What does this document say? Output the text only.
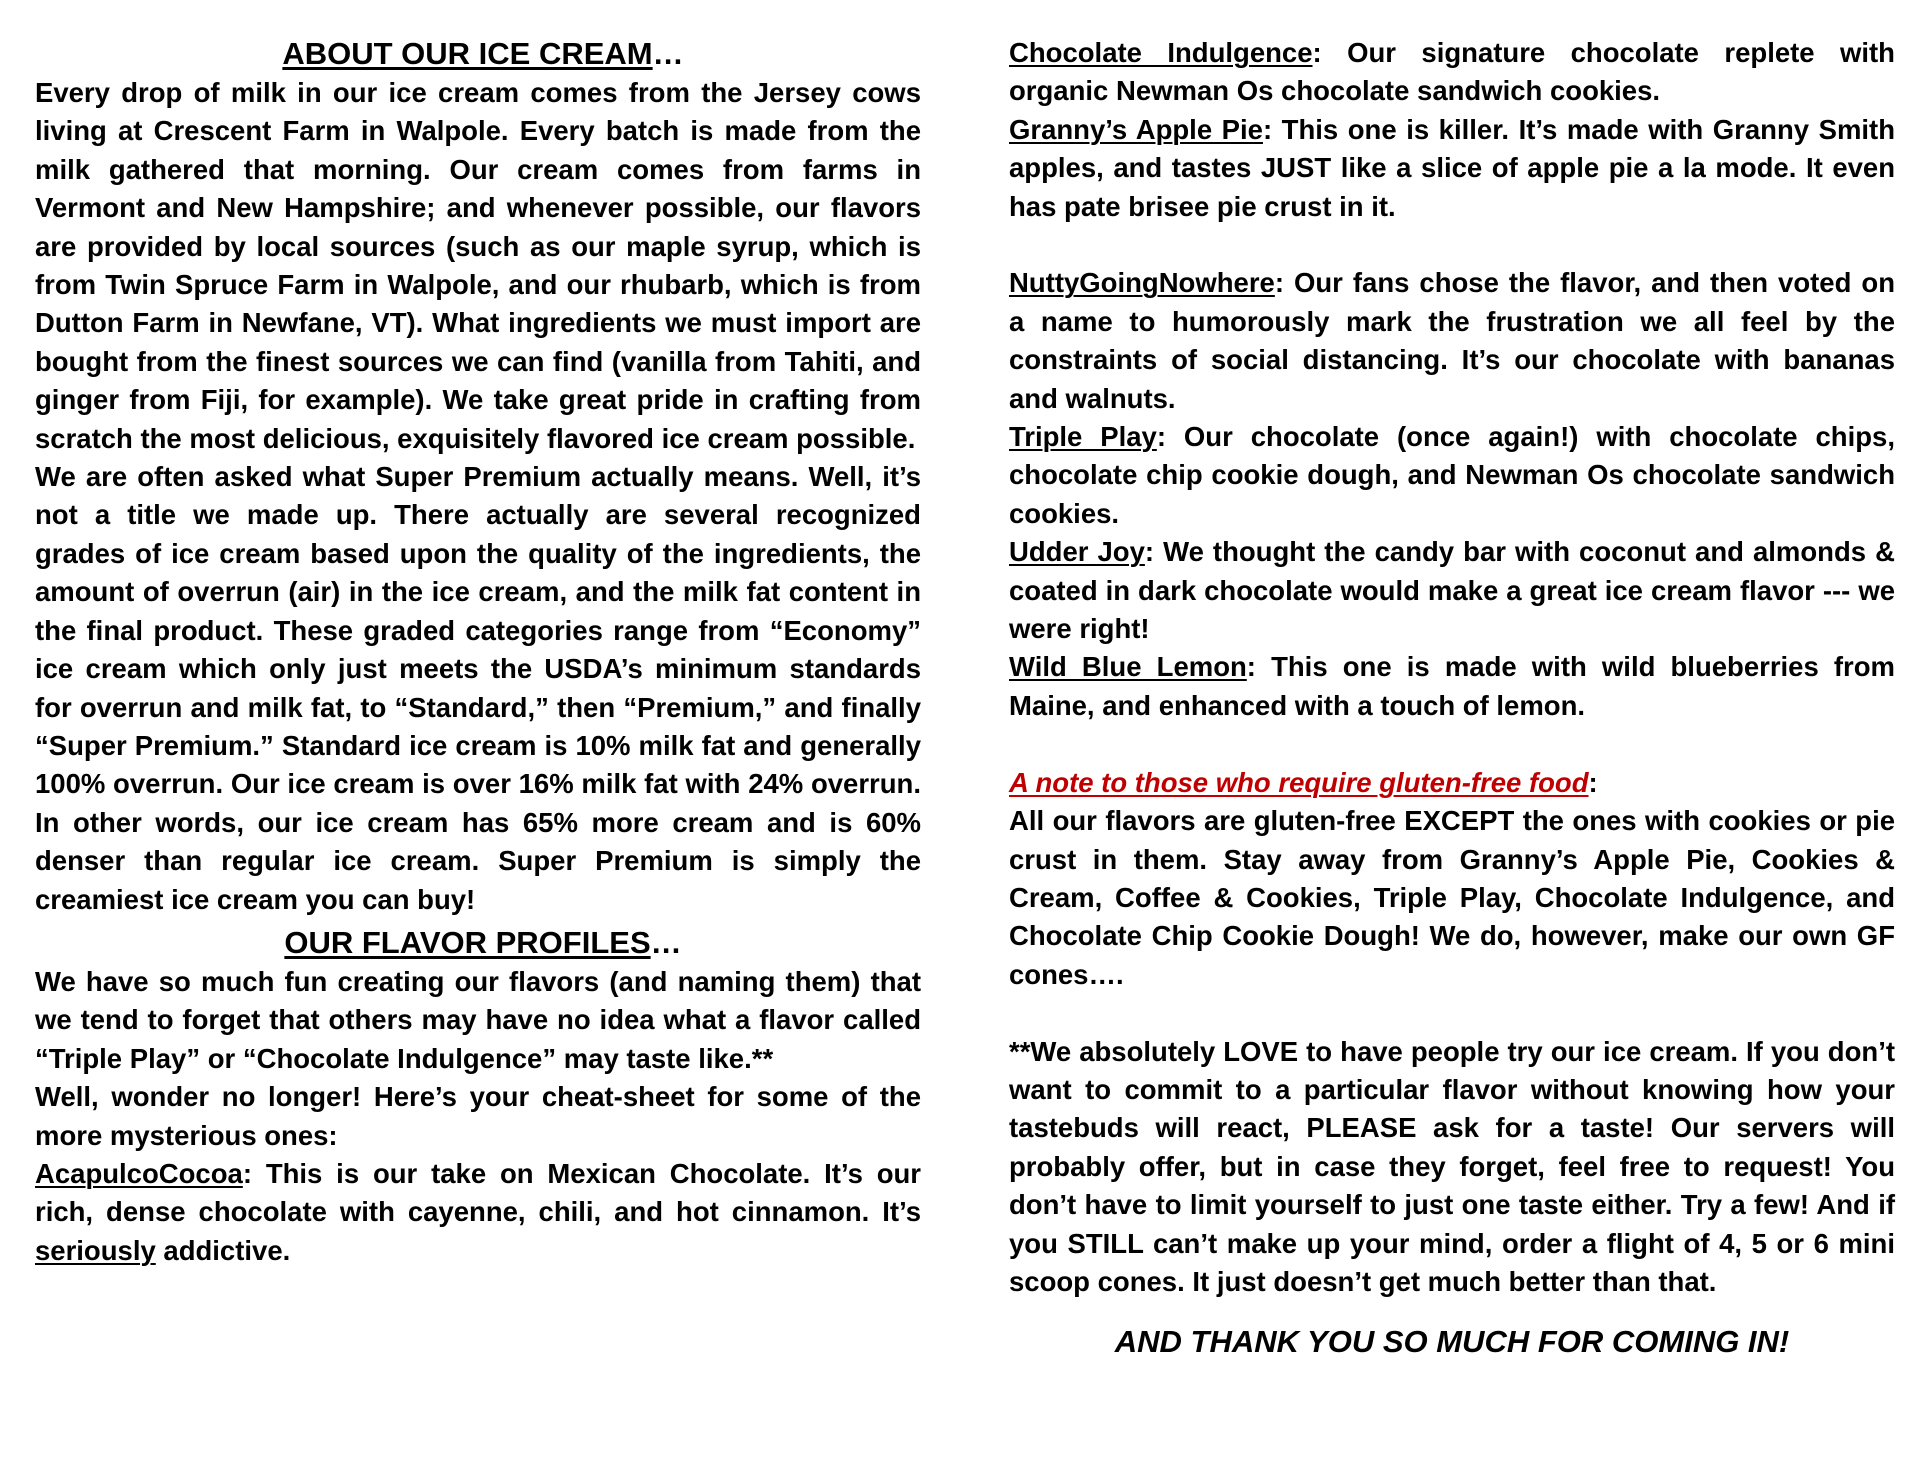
ABOUT OUR ICE CREAM…

Every drop of milk in our ice cream comes from the Jersey cows living at Crescent Farm in Walpole. Every batch is made from the milk gathered that morning. Our cream comes from farms in Vermont and New Hampshire; and whenever possible, our flavors are provided by local sources (such as our maple syrup, which is from Twin Spruce Farm in Walpole, and our rhubarb, which is from Dutton Farm in Newfane, VT). What ingredients we must import are bought from the finest sources we can find (vanilla from Tahiti, and ginger from Fiji, for example). We take great pride in crafting from scratch the most delicious, exquisitely flavored ice cream possible.

We are often asked what Super Premium actually means. Well, it’s not a title we made up. There actually are several recognized grades of ice cream based upon the quality of the ingredients, the amount of overrun (air) in the ice cream, and the milk fat content in the final product. These graded categories range from “Economy” ice cream which only just meets the USDA’s minimum standards for overrun and milk fat, to “Standard,” then “Premium,” and finally “Super Premium.” Standard ice cream is 10% milk fat and generally 100% overrun. Our ice cream is over 16% milk fat with 24% overrun. In other words, our ice cream has 65% more cream and is 60% denser than regular ice cream. Super Premium is simply the creamiest ice cream you can buy!

OUR FLAVOR PROFILES…

We have so much fun creating our flavors (and naming them) that we tend to forget that others may have no idea what a flavor called “Triple Play” or “Chocolate Indulgence” may taste like.**

Well, wonder no longer! Here’s your cheat-sheet for some of the more mysterious ones:

AcapulcoCocoa: This is our take on Mexican Chocolate. It’s our rich, dense chocolate with cayenne, chili, and hot cinnamon. It’s seriously addictive.

Chocolate Indulgence: Our signature chocolate replete with organic Newman Os chocolate sandwich cookies.

Granny’s Apple Pie: This one is killer. It’s made with Granny Smith apples, and tastes JUST like a slice of apple pie a la mode. It even has pate brisee pie crust in it.

NuttyGoingNowhere: Our fans chose the flavor, and then voted on a name to humorously mark the frustration we all feel by the constraints of social distancing. It’s our chocolate with bananas and walnuts.

Triple Play: Our chocolate (once again!) with chocolate chips, chocolate chip cookie dough, and Newman Os chocolate sandwich cookies.

Udder Joy: We thought the candy bar with coconut and almonds & coated in dark chocolate would make a great ice cream flavor --- we were right!

Wild Blue Lemon: This one is made with wild blueberries from Maine, and enhanced with a touch of lemon.

A note to those who require gluten-free food:

All our flavors are gluten-free EXCEPT the ones with cookies or pie crust in them. Stay away from Granny’s Apple Pie, Cookies & Cream, Coffee & Cookies, Triple Play, Chocolate Indulgence, and Chocolate Chip Cookie Dough! We do, however, make our own GF cones….

**We absolutely LOVE to have people try our ice cream. If you don’t want to commit to a particular flavor without knowing how your tastebuds will react, PLEASE ask for a taste! Our servers will probably offer, but in case they forget, feel free to request! You don’t have to limit yourself to just one taste either. Try a few! And if you STILL can’t make up your mind, order a flight of 4, 5 or 6 mini scoop cones. It just doesn’t get much better than that.

AND THANK YOU SO MUCH FOR COMING IN!
